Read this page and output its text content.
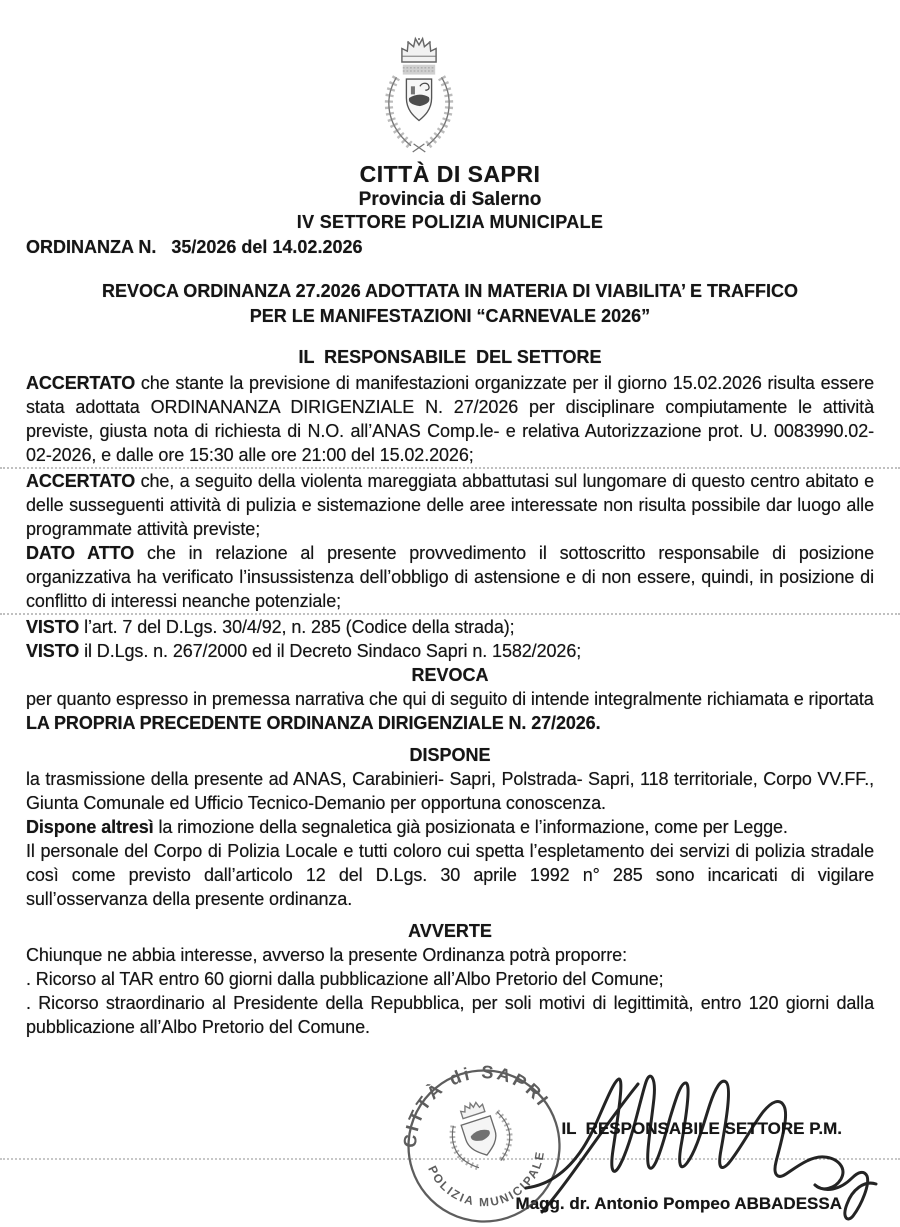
CITTÀ DI SAPRI
Provincia di Salerno
IV SETTORE POLIZIA MUNICIPALE
ORDINANZA N.   35/2026 del 14.02.2026
REVOCA ORDINANZA 27.2026 ADOTTATA IN MATERIA DI VIABILITA’ E TRAFFICO
PER LE MANIFESTAZIONI “CARNEVALE 2026”
IL  RESPONSABILE  DEL SETTORE

ACCERTATO che stante la previsione di manifestazioni organizzate per il giorno 15.02.2026 risulta essere stata adottata ORDINANANZA DIRIGENZIALE N. 27/2026 per disciplinare compiutamente le attività previste, giusta nota di richiesta di N.O. all’ANAS Comp.le- e relativa Autorizzazione prot. U. 0083990.02-02-2026, e dalle ore 15:30 alle ore 21:00 del 15.02.2026;

ACCERTATO che, a seguito della violenta mareggiata abbattutasi sul lungomare di questo centro abitato e delle susseguenti attività di pulizia e sistemazione delle aree interessate non risulta possibile dar luogo alle programmate attività previste;

DATO ATTO che in relazione al presente provvedimento il sottoscritto responsabile di posizione organizzativa ha verificato l’insussistenza dell’obbligo di astensione e di non essere, quindi, in posizione di conflitto di interessi neanche potenziale;

VISTO l’art. 7 del D.Lgs. 30/4/92, n. 285 (Codice della strada);

VISTO il D.Lgs. n. 267/2000 ed il Decreto Sindaco Sapri n. 1582/2026;

REVOCA

per quanto espresso in premessa narrativa che qui di seguito di intende integralmente richiamata e riportata LA PROPRIA PRECEDENTE ORDINANZA DIRIGENZIALE N. 27/2026.

DISPONE

la trasmissione della presente ad ANAS, Carabinieri- Sapri, Polstrada- Sapri, 118 territoriale, Corpo VV.FF., Giunta Comunale ed Ufficio Tecnico-Demanio per opportuna conoscenza.

Dispone altresì la rimozione della segnaletica già posizionata e l’informazione, come per Legge.

Il personale del Corpo di Polizia Locale e tutti coloro cui spetta l’espletamento dei servizi di polizia stradale così come previsto dall’articolo 12 del D.Lgs. 30 aprile 1992 n° 285 sono incaricati di vigilare sull’osservanza della presente ordinanza.

AVVERTE

Chiunque ne abbia interesse, avverso la presente Ordinanza potrà proporre:

. Ricorso al TAR entro 60 giorni dalla pubblicazione all’Albo Pretorio del Comune;

. Ricorso straordinario al Presidente della Repubblica, per soli motivi di legittimità, entro 120 giorni dalla pubblicazione all’Albo Pretorio del Comune.

IL  RESPONSABILE SETTORE P.M.

Magg. dr. Antonio Pompeo ABBADESSA

CITTÀ di SAPRI
POLIZIA MUNICIPALE
